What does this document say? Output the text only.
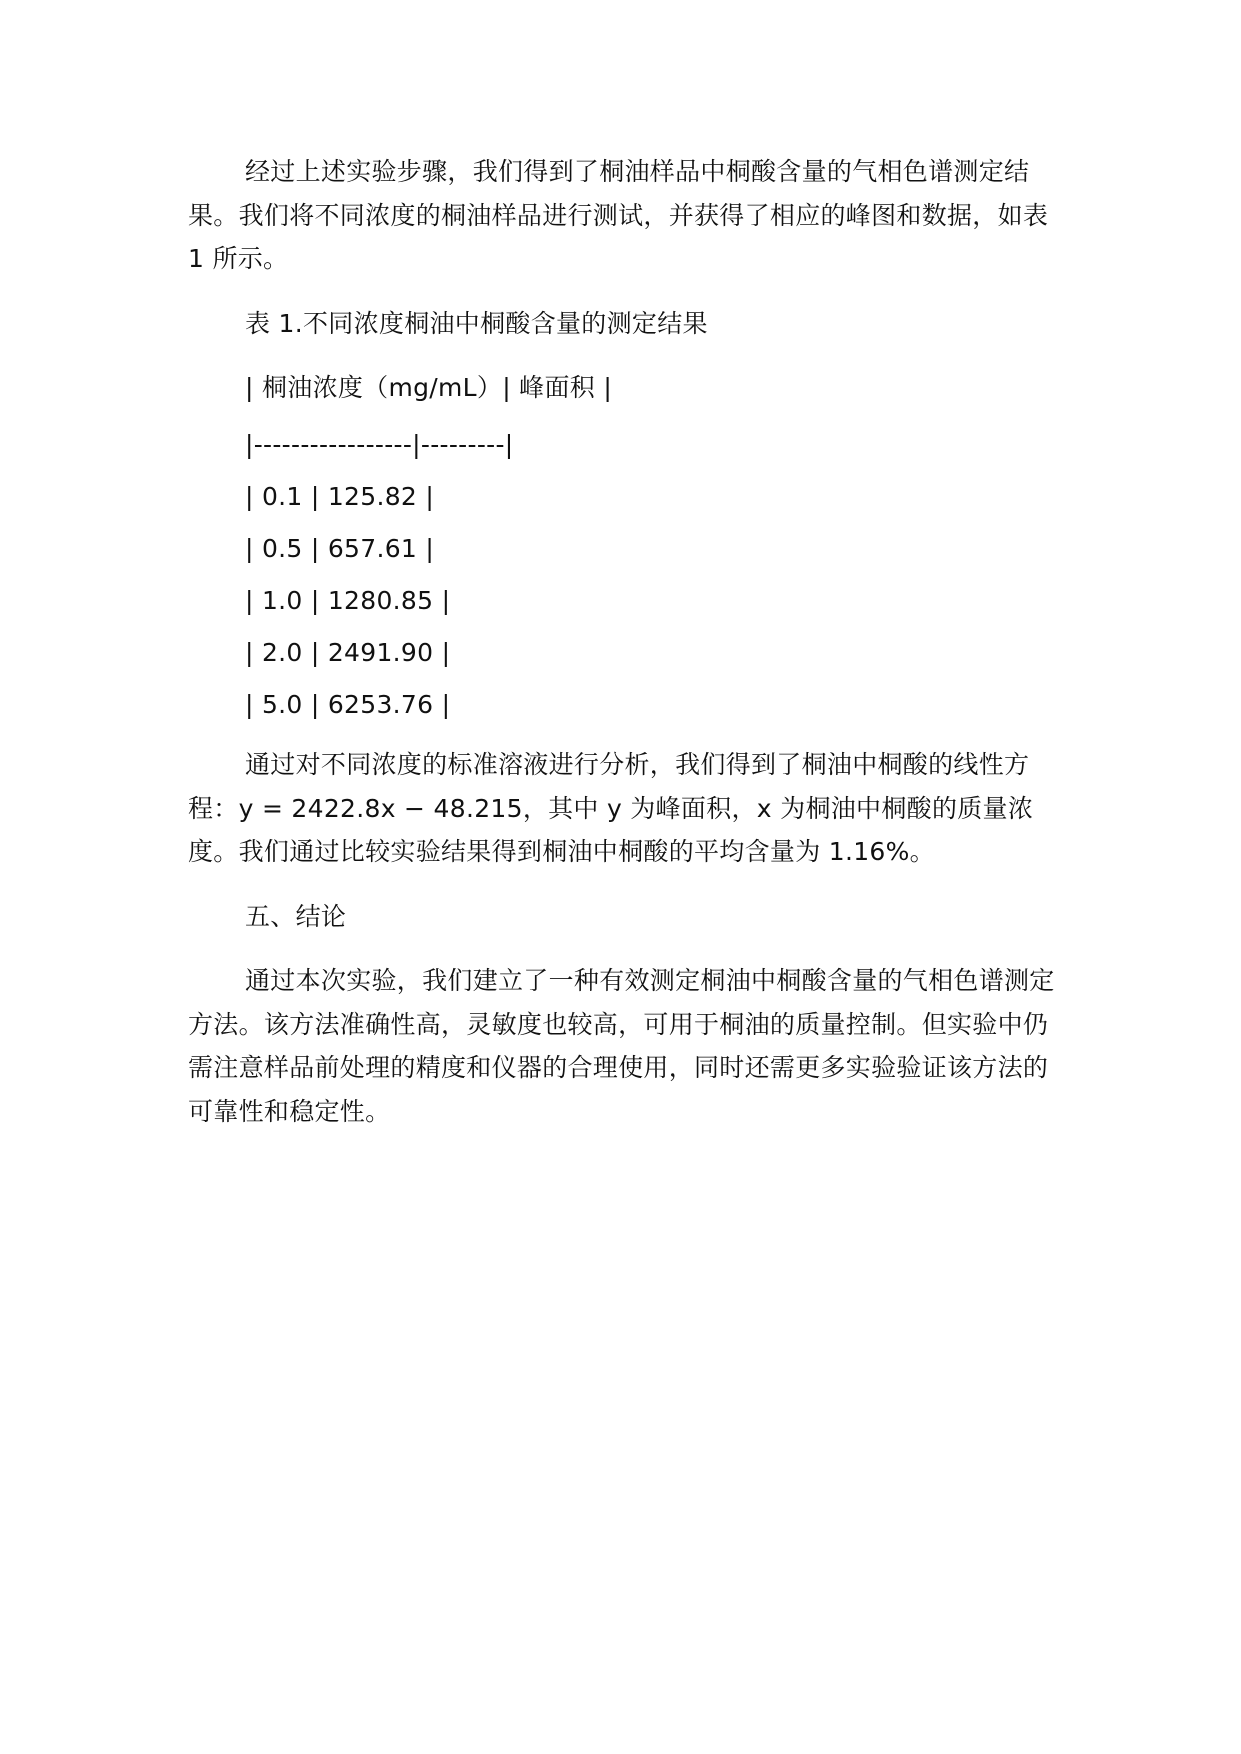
经过上述实验步骤，我们得到了桐油样品中桐酸含量的气相色谱测定结果。我们将不同浓度的桐油样品进行测试，并获得了相应的峰图和数据，如表 1 所示。

表 1.不同浓度桐油中桐酸含量的测定结果

| 桐油浓度（mg/mL）| 峰面积 |

|-----------------|---------|

| 0.1 | 125.82 |

| 0.5 | 657.61 |

| 1.0 | 1280.85 |

| 2.0 | 2491.90 |

| 5.0 | 6253.76 |

通过对不同浓度的标准溶液进行分析，我们得到了桐油中桐酸的线性方程：y = 2422.8x − 48.215，其中 y 为峰面积，x 为桐油中桐酸的质量浓度。我们通过比较实验结果得到桐油中桐酸的平均含量为 1.16%。

五、结论

通过本次实验，我们建立了一种有效测定桐油中桐酸含量的气相色谱测定方法。该方法准确性高，灵敏度也较高，可用于桐油的质量控制。但实验中仍需注意样品前处理的精度和仪器的合理使用，同时还需更多实验验证该方法的可靠性和稳定性。
